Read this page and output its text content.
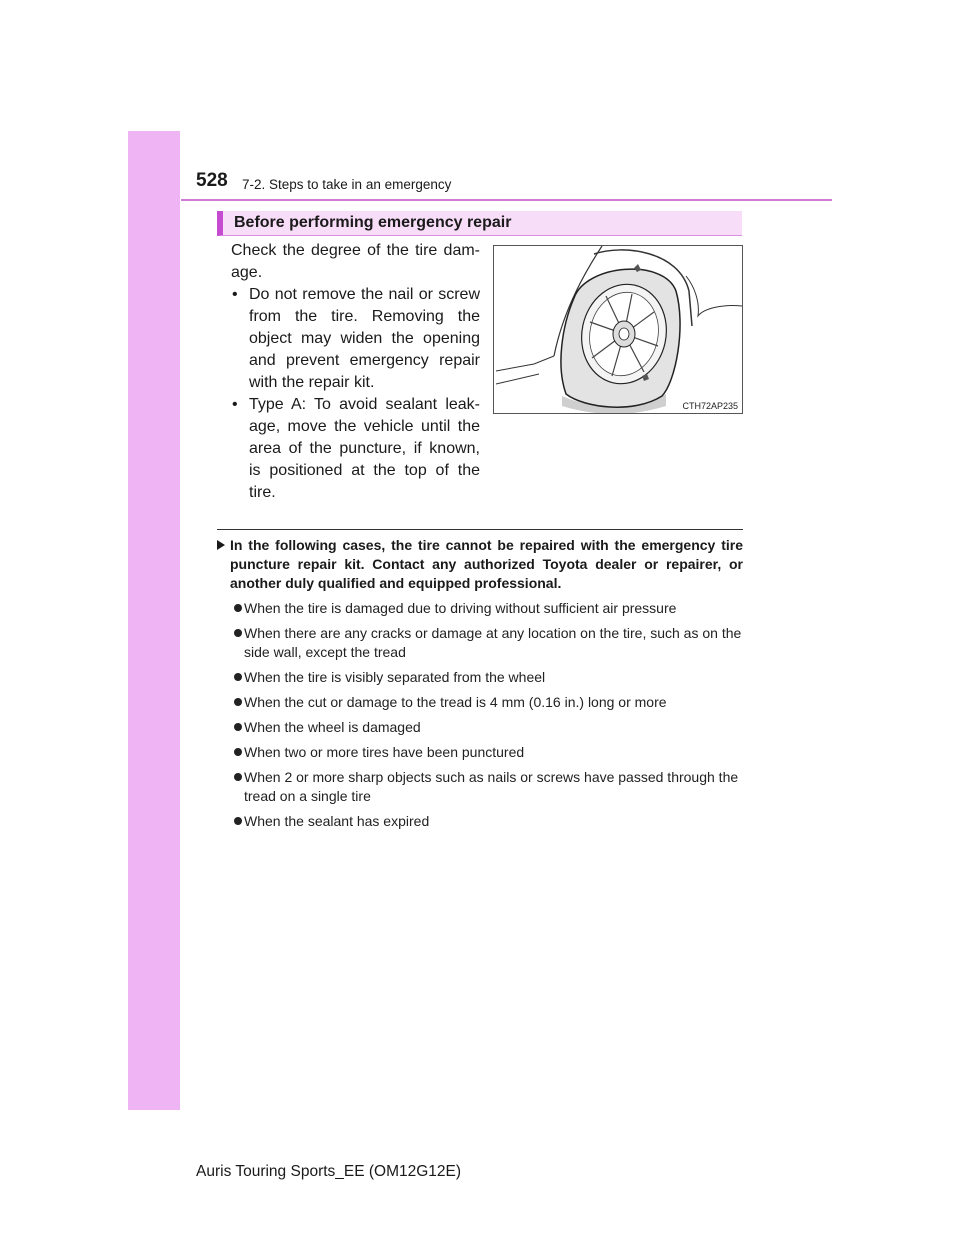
528 7-2. Steps to take in an emergency
Before performing emergency repair

Check the degree of the tire damage.

• Do not remove the nail or screw from the tire. Removing the object may widen the opening and prevent emergency repair with the repair kit.
• Type A: To avoid sealant leakage, move the vehicle until the area of the puncture, if known, is positioned at the top of the tire.
CTH72AP235
In the following cases, the tire cannot be repaired with the emergency tire puncture repair kit. Contact any authorized Toyota dealer or repairer, or another duly qualified and equipped professional.
When the tire is damaged due to driving without sufficient air pressure
When there are any cracks or damage at any location on the tire, such as on the side wall, except the tread
When the tire is visibly separated from the wheel
When the cut or damage to the tread is 4 mm (0.16 in.) long or more
When the wheel is damaged
When two or more tires have been punctured
When 2 or more sharp objects such as nails or screws have passed through the tread on a single tire
When the sealant has expired
Auris Touring Sports_EE (OM12G12E)
